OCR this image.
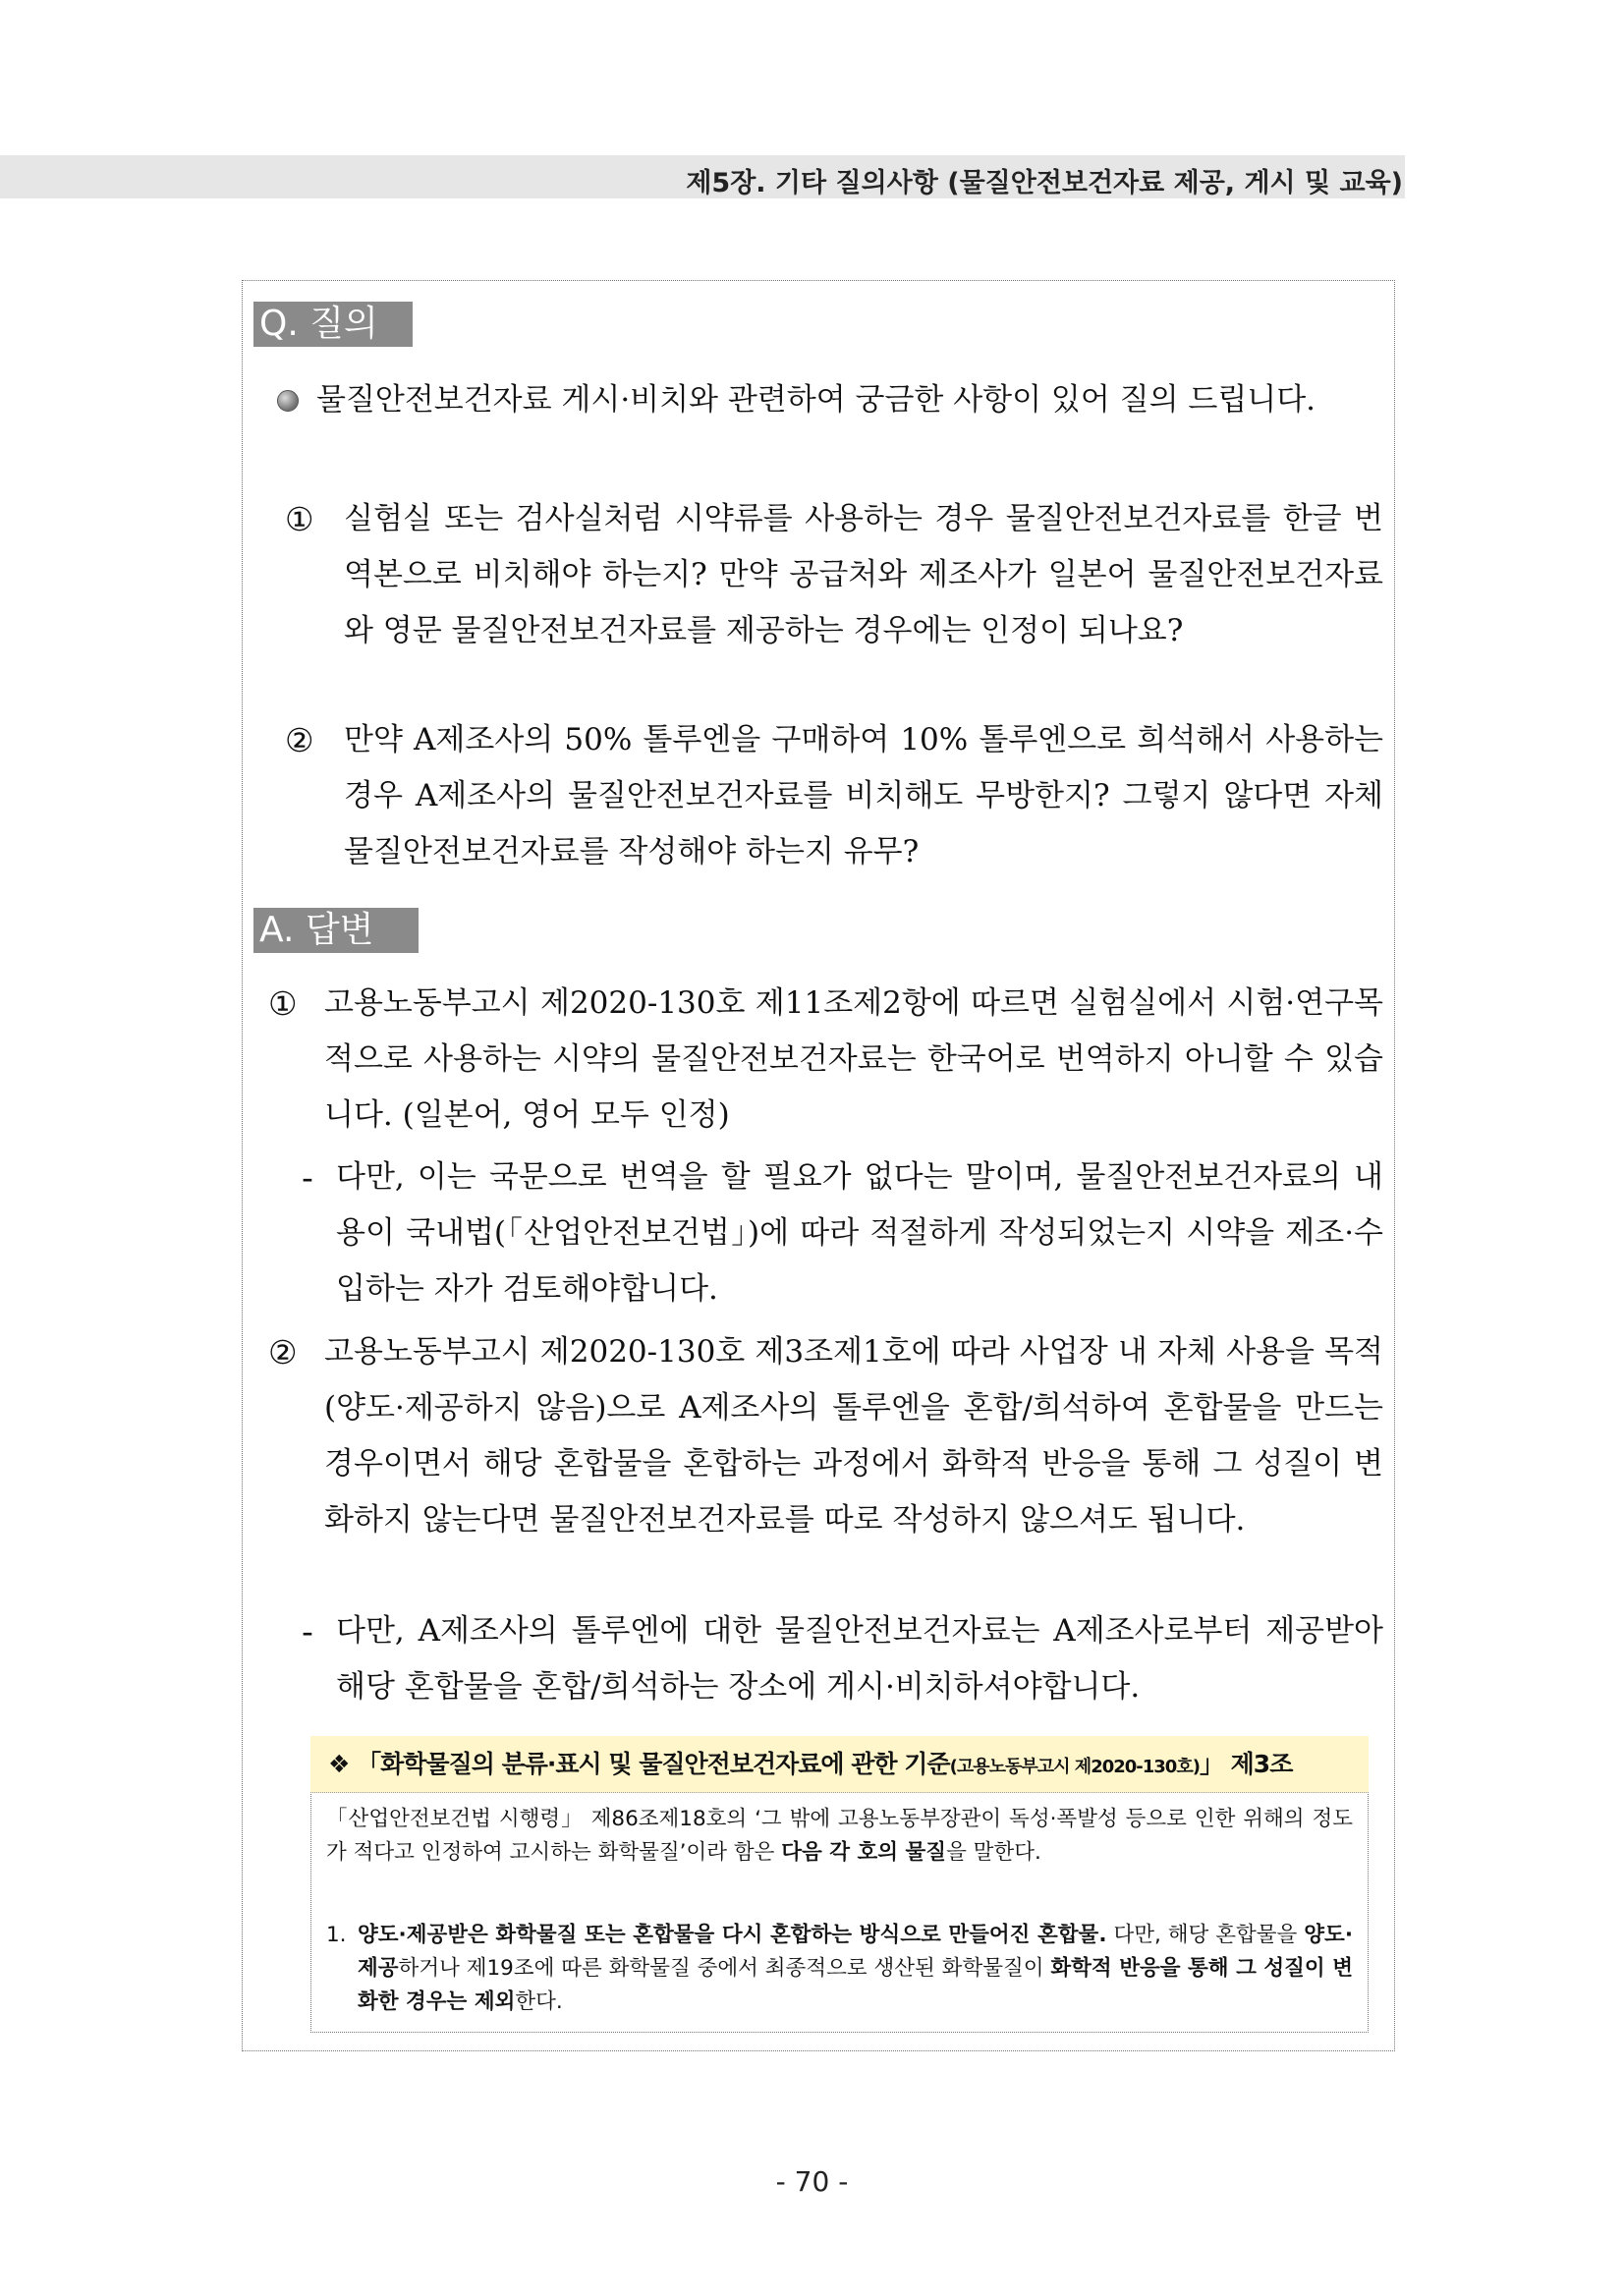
제5장. 기타 질의사항 (물질안전보건자료 제공, 게시 및 교육)
Q. 질의

물질안전보건자료 게시·비치와 관련하여 궁금한 사항이 있어 질의 드립니다.

① 실험실 또는 검사실처럼 시약류를 사용하는 경우 물질안전보건자료를 한글 번역본으로 비치해야 하는지? 만약 공급처와 제조사가 일본어 물질안전보건자료와 영문 물질안전보건자료를 제공하는 경우에는 인정이 되나요?

② 만약 A제조사의 50% 톨루엔을 구매하여 10% 톨루엔으로 희석해서 사용하는 경우 A제조사의 물질안전보건자료를 비치해도 무방한지? 그렇지 않다면 자체 물질안전보건자료를 작성해야 하는지 유무?

A. 답변
① 고용노동부고시 제2020-130호 제11조제2항에 따르면 실험실에서 시험·연구목적으로 사용하는 시약의 물질안전보건자료는 한국어로 번역하지 아니할 수 있습니다. (일본어, 영어 모두 인정)

- 다만, 이는 국문으로 번역을 할 필요가 없다는 말이며, 물질안전보건자료의 내용이 국내법(「산업안전보건법」)에 따라 적절하게 작성되었는지 시약을 제조·수입하는 자가 검토해야합니다.

② 고용노동부고시 제2020-130호 제3조제1호에 따라 사업장 내 자체 사용을 목적(양도·제공하지 않음)으로 A제조사의 톨루엔을 혼합/희석하여 혼합물을 만드는 경우이면서 해당 혼합물을 혼합하는 과정에서 화학적 반응을 통해 그 성질이 변화하지 않는다면 물질안전보건자료를 따로 작성하지 않으셔도 됩니다.

- 다만, A제조사의 톨루엔에 대한 물질안전보건자료는 A제조사로부터 제공받아 해당 혼합물을 혼합/희석하는 장소에 게시·비치하셔야합니다.

❖ 「화학물질의 분류·표시 및 물질안전보건자료에 관한 기준(고용노동부고시 제2020-130호)」 제3조

「산업안전보건법 시행령」 제86조제18호의 ‘그 밖에 고용노동부장관이 독성·폭발성 등으로 인한 위해의 정도가 적다고 인정하여 고시하는 화학물질’이라 함은 다음 각 호의 물질을 말한다.

1. 양도·제공받은 화학물질 또는 혼합물을 다시 혼합하는 방식으로 만들어진 혼합물. 다만, 해당 혼합물을 양도·제공하거나 제19조에 따른 화학물질 중에서 최종적으로 생산된 화학물질이 화학적 반응을 통해 그 성질이 변화한 경우는 제외한다.

- 70 -
